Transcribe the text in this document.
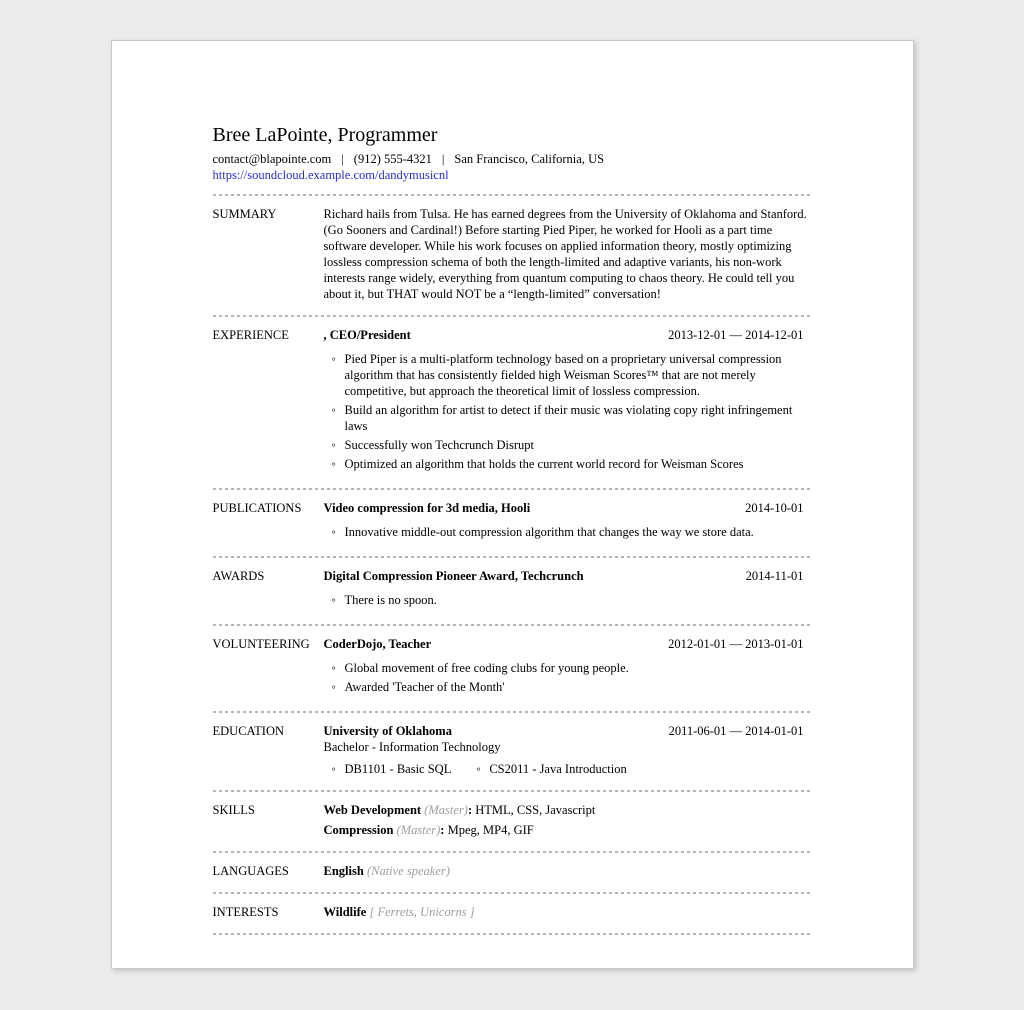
Bree LaPointe, Programmer
contact@blapointe.com | (912) 555-4321 | San Francisco, California, US
https://soundcloud.example.com/dandymusicnl
SUMMARY	Richard hails from Tulsa. He has earned degrees from the University of Oklahoma and Stanford. (Go Sooners and Cardinal!) Before starting Pied Piper, he worked for Hooli as a part time software developer. While his work focuses on applied information theory, mostly optimizing lossless compression schema of both the length-limited and adaptive variants, his non-work interests range widely, everything from quantum computing to chaos theory. He could tell you about it, but THAT would NOT be a “length-limited” conversation!

EXPERIENCE	, CEO/President	2013-12-01 — 2014-12-01
◦ Pied Piper is a multi-platform technology based on a proprietary universal compression algorithm that has consistently fielded high Weisman Scores™ that are not merely competitive, but approach the theoretical limit of lossless compression.
◦ Build an algorithm for artist to detect if their music was violating copy right infringement laws
◦ Successfully won Techcrunch Disrupt
◦ Optimized an algorithm that holds the current world record for Weisman Scores
PUBLICATIONS	Video compression for 3d media, Hooli	2014-10-01
◦ Innovative middle-out compression algorithm that changes the way we store data.
AWARDS	Digital Compression Pioneer Award, Techcrunch	2014-11-01
◦ There is no spoon.
VOLUNTEERING	CoderDojo, Teacher	2012-01-01 — 2013-01-01
◦ Global movement of free coding clubs for young people.
◦ Awarded 'Teacher of the Month'
EDUCATION	University of Oklahoma	2011-06-01 — 2014-01-01
Bachelor - Information Technology
◦ DB1101 - Basic SQL	◦ CS2011 - Java Introduction
SKILLS	Web Development (Master): HTML, CSS, Javascript
Compression (Master): Mpeg, MP4, GIF
LANGUAGES	English (Native speaker)
INTERESTS	Wildlife [ Ferrets, Unicorns ]
